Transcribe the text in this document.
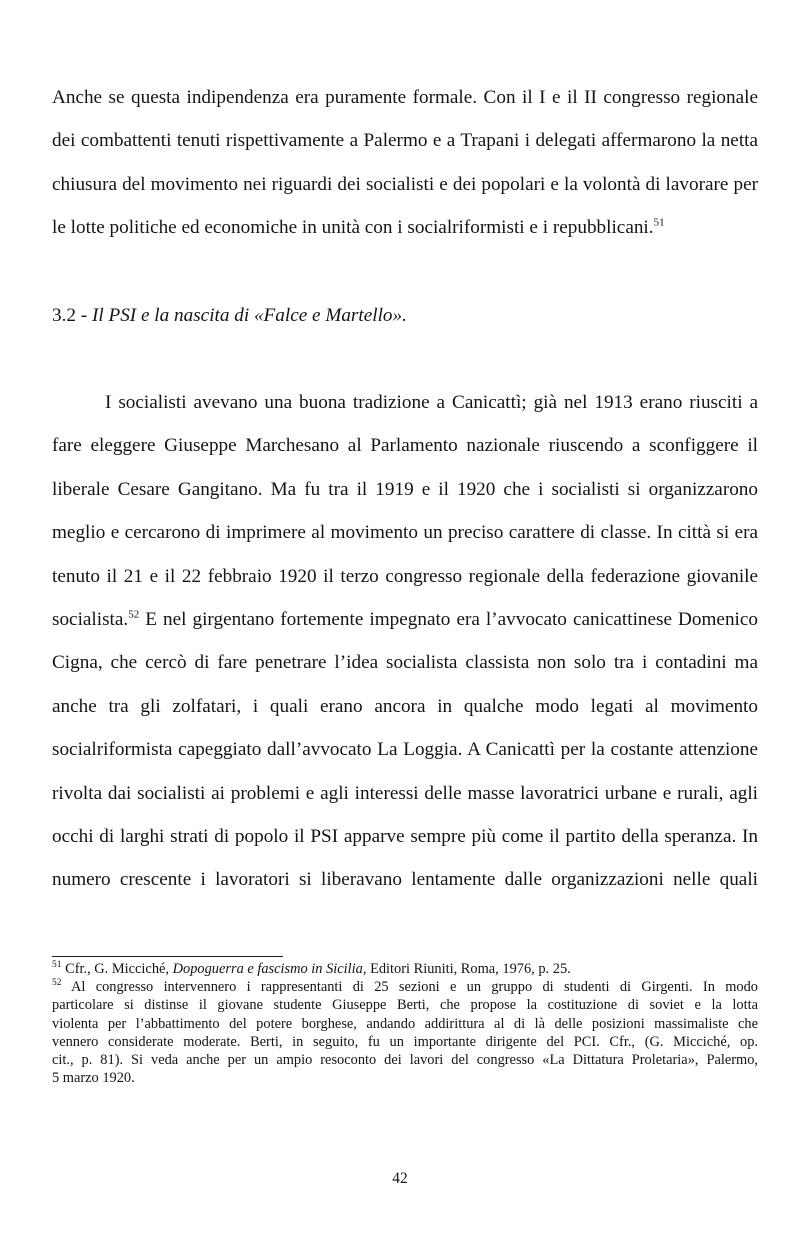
Anche se questa indipendenza era puramente formale. Con il I e il II congresso regionale
dei combattenti tenuti rispettivamente a Palermo e a Trapani i delegati affermarono la netta
chiusura del movimento nei riguardi dei socialisti e dei popolari e la volontà di lavorare per
le lotte politiche ed economiche in unità con i socialriformisti e i repubblicani.$^{51}$

3.2 - Il PSI e la nascita di «Falce e Martello».

I socialisti avevano una buona tradizione a Canicattì; già nel 1913 erano riusciti a
fare eleggere Giuseppe Marchesano al Parlamento nazionale riuscendo a sconfiggere il
liberale Cesare Gangitano. Ma fu tra il 1919 e il 1920 che i socialisti si organizzarono
meglio e cercarono di imprimere al movimento un preciso carattere di classe. In città si era
tenuto il 21 e il 22 febbraio 1920 il terzo congresso regionale della federazione giovanile
socialista.$^{52}$ E nel girgentano fortemente impegnato era l’avvocato canicattinese Domenico
Cigna, che cercò di fare penetrare l’idea socialista classista non solo tra i contadini ma
anche tra gli zolfatari, i quali erano ancora in qualche modo legati al movimento
socialriformista capeggiato dall’avvocato La Loggia. A Canicattì per la costante attenzione
rivolta dai socialisti ai problemi e agli interessi delle masse lavoratrici urbane e rurali, agli
occhi di larghi strati di popolo il PSI apparve sempre più come il partito della speranza. In
numero crescente i lavoratori si liberavano lentamente dalle organizzazioni nelle quali

$^{51}$ Cfr., G. Micciché, Dopoguerra e fascismo in Sicilia, Editori Riuniti, Roma, 1976, p. 25.
$^{52}$ Al congresso intervennero i rappresentanti di 25 sezioni e un gruppo di studenti di Girgenti. In modo
particolare si distinse il giovane studente Giuseppe Berti, che propose la costituzione di soviet e la lotta
violenta per l’abbattimento del potere borghese, andando addirittura al di là delle posizioni massimaliste che
vennero considerate moderate. Berti, in seguito, fu un importante dirigente del PCI. Cfr., (G. Micciché, op.
cit., p. 81). Si veda anche per un ampio resoconto dei lavori del congresso «La Dittatura Proletaria», Palermo,
5 marzo 1920.

42
